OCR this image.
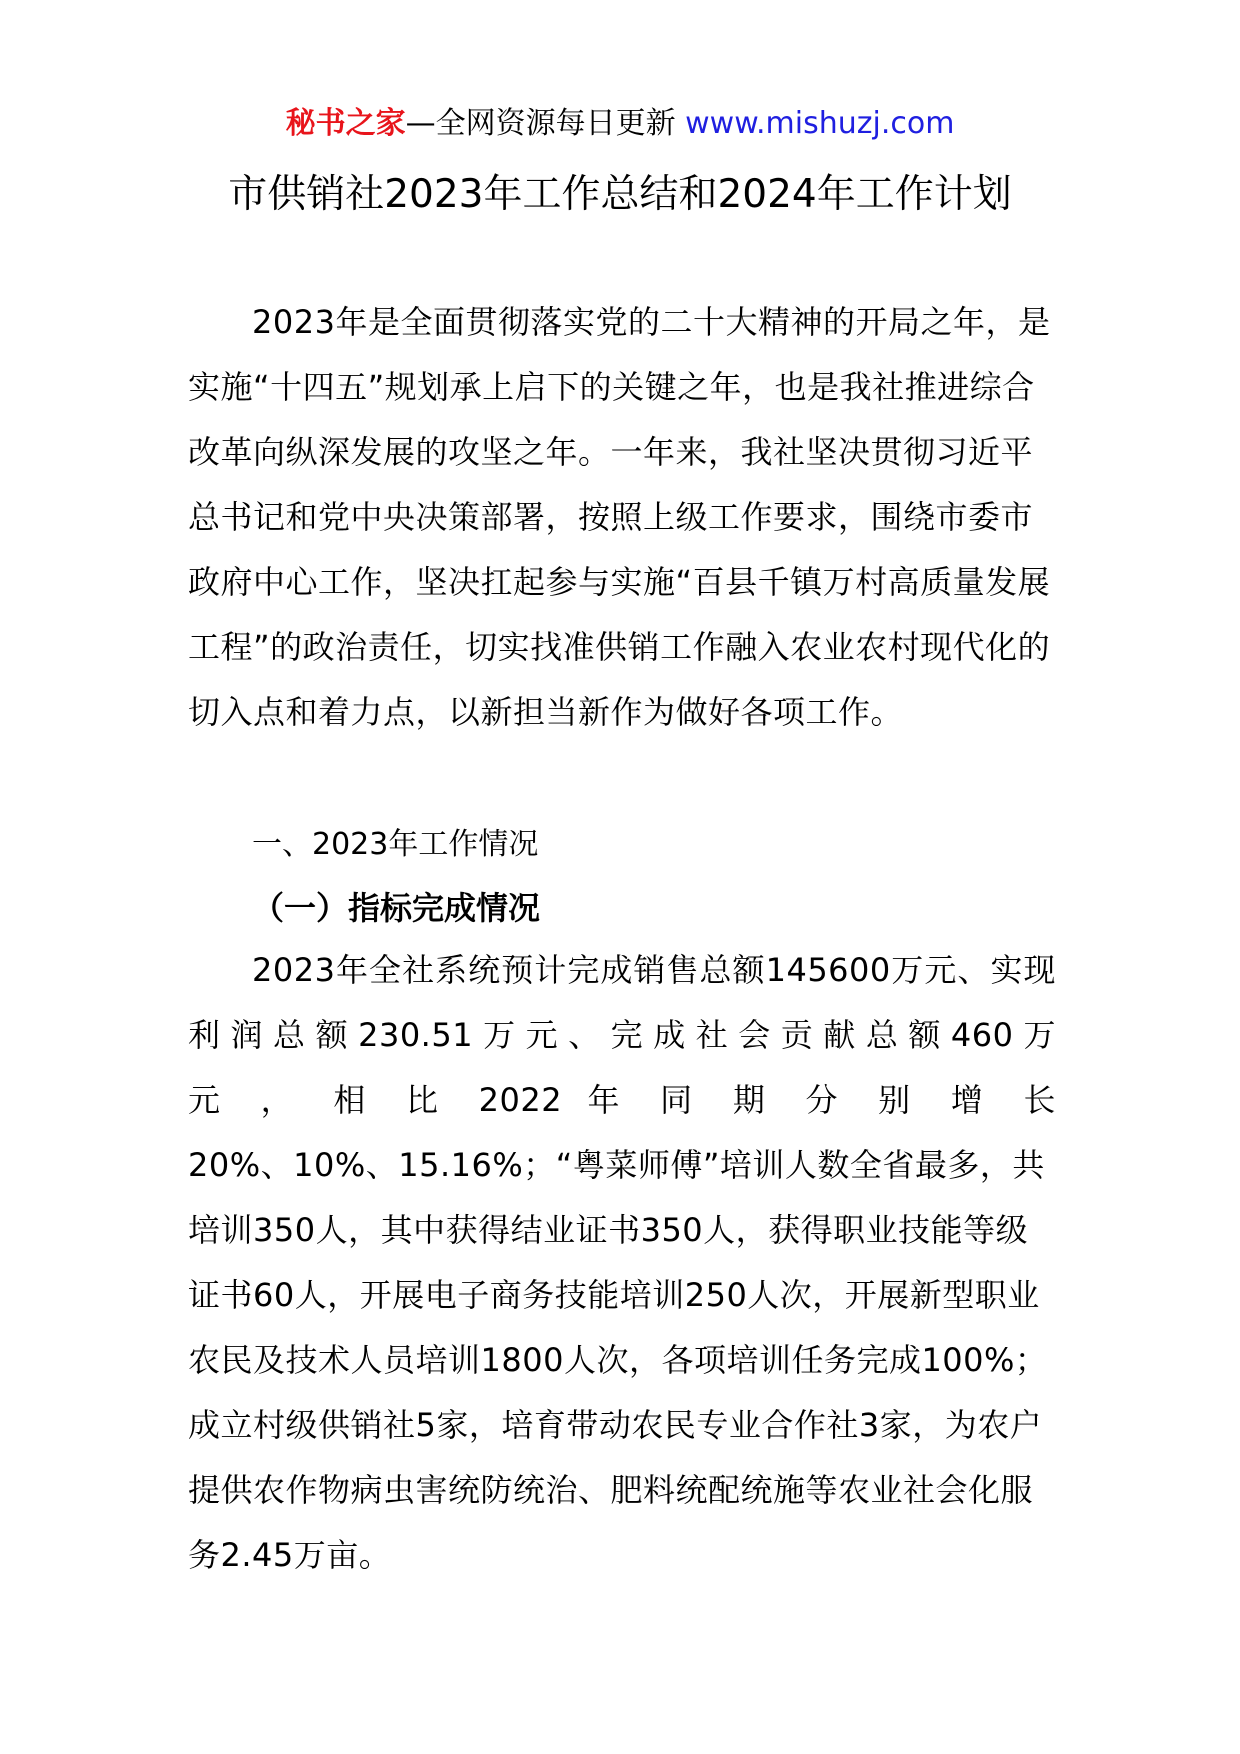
秘书之家—全网资源每日更新 www.mishuzj.com
市供销社2023年工作总结和2024年工作计划
2023年是全面贯彻落实党的二十大精神的开局之年，是实施“十四五”规划承上启下的关键之年，也是我社推进综合改革向纵深发展的攻坚之年。一年来，我社坚决贯彻习近平总书记和党中央决策部署，按照上级工作要求，围绕市委市政府中心工作，坚决扛起参与实施“百县千镇万村高质量发展工程”的政治责任，切实找准供销工作融入农业农村现代化的切入点和着力点，以新担当新作为做好各项工作。
一、2023年工作情况
（一）指标完成情况
2023年全社系统预计完成销售总额145600万元、实现利润总额230.51万元、完成社会贡献总额460万
元 ， 相 比 2022 年 同 期 分 别 增 长
20%、10%、15.16%；“粤菜师傅”培训人数全省最多，共培训350人，其中获得结业证书350人，获得职业技能等级证书60人，开展电子商务技能培训250人次，开展新型职业农民及技术人员培训1800人次，各项培训任务完成100%；成立村级供销社5家，培育带动农民专业合作社3家，为农户提供农作物病虫害统防统治、肥料统配统施等农业社会化服务2.45万亩。
